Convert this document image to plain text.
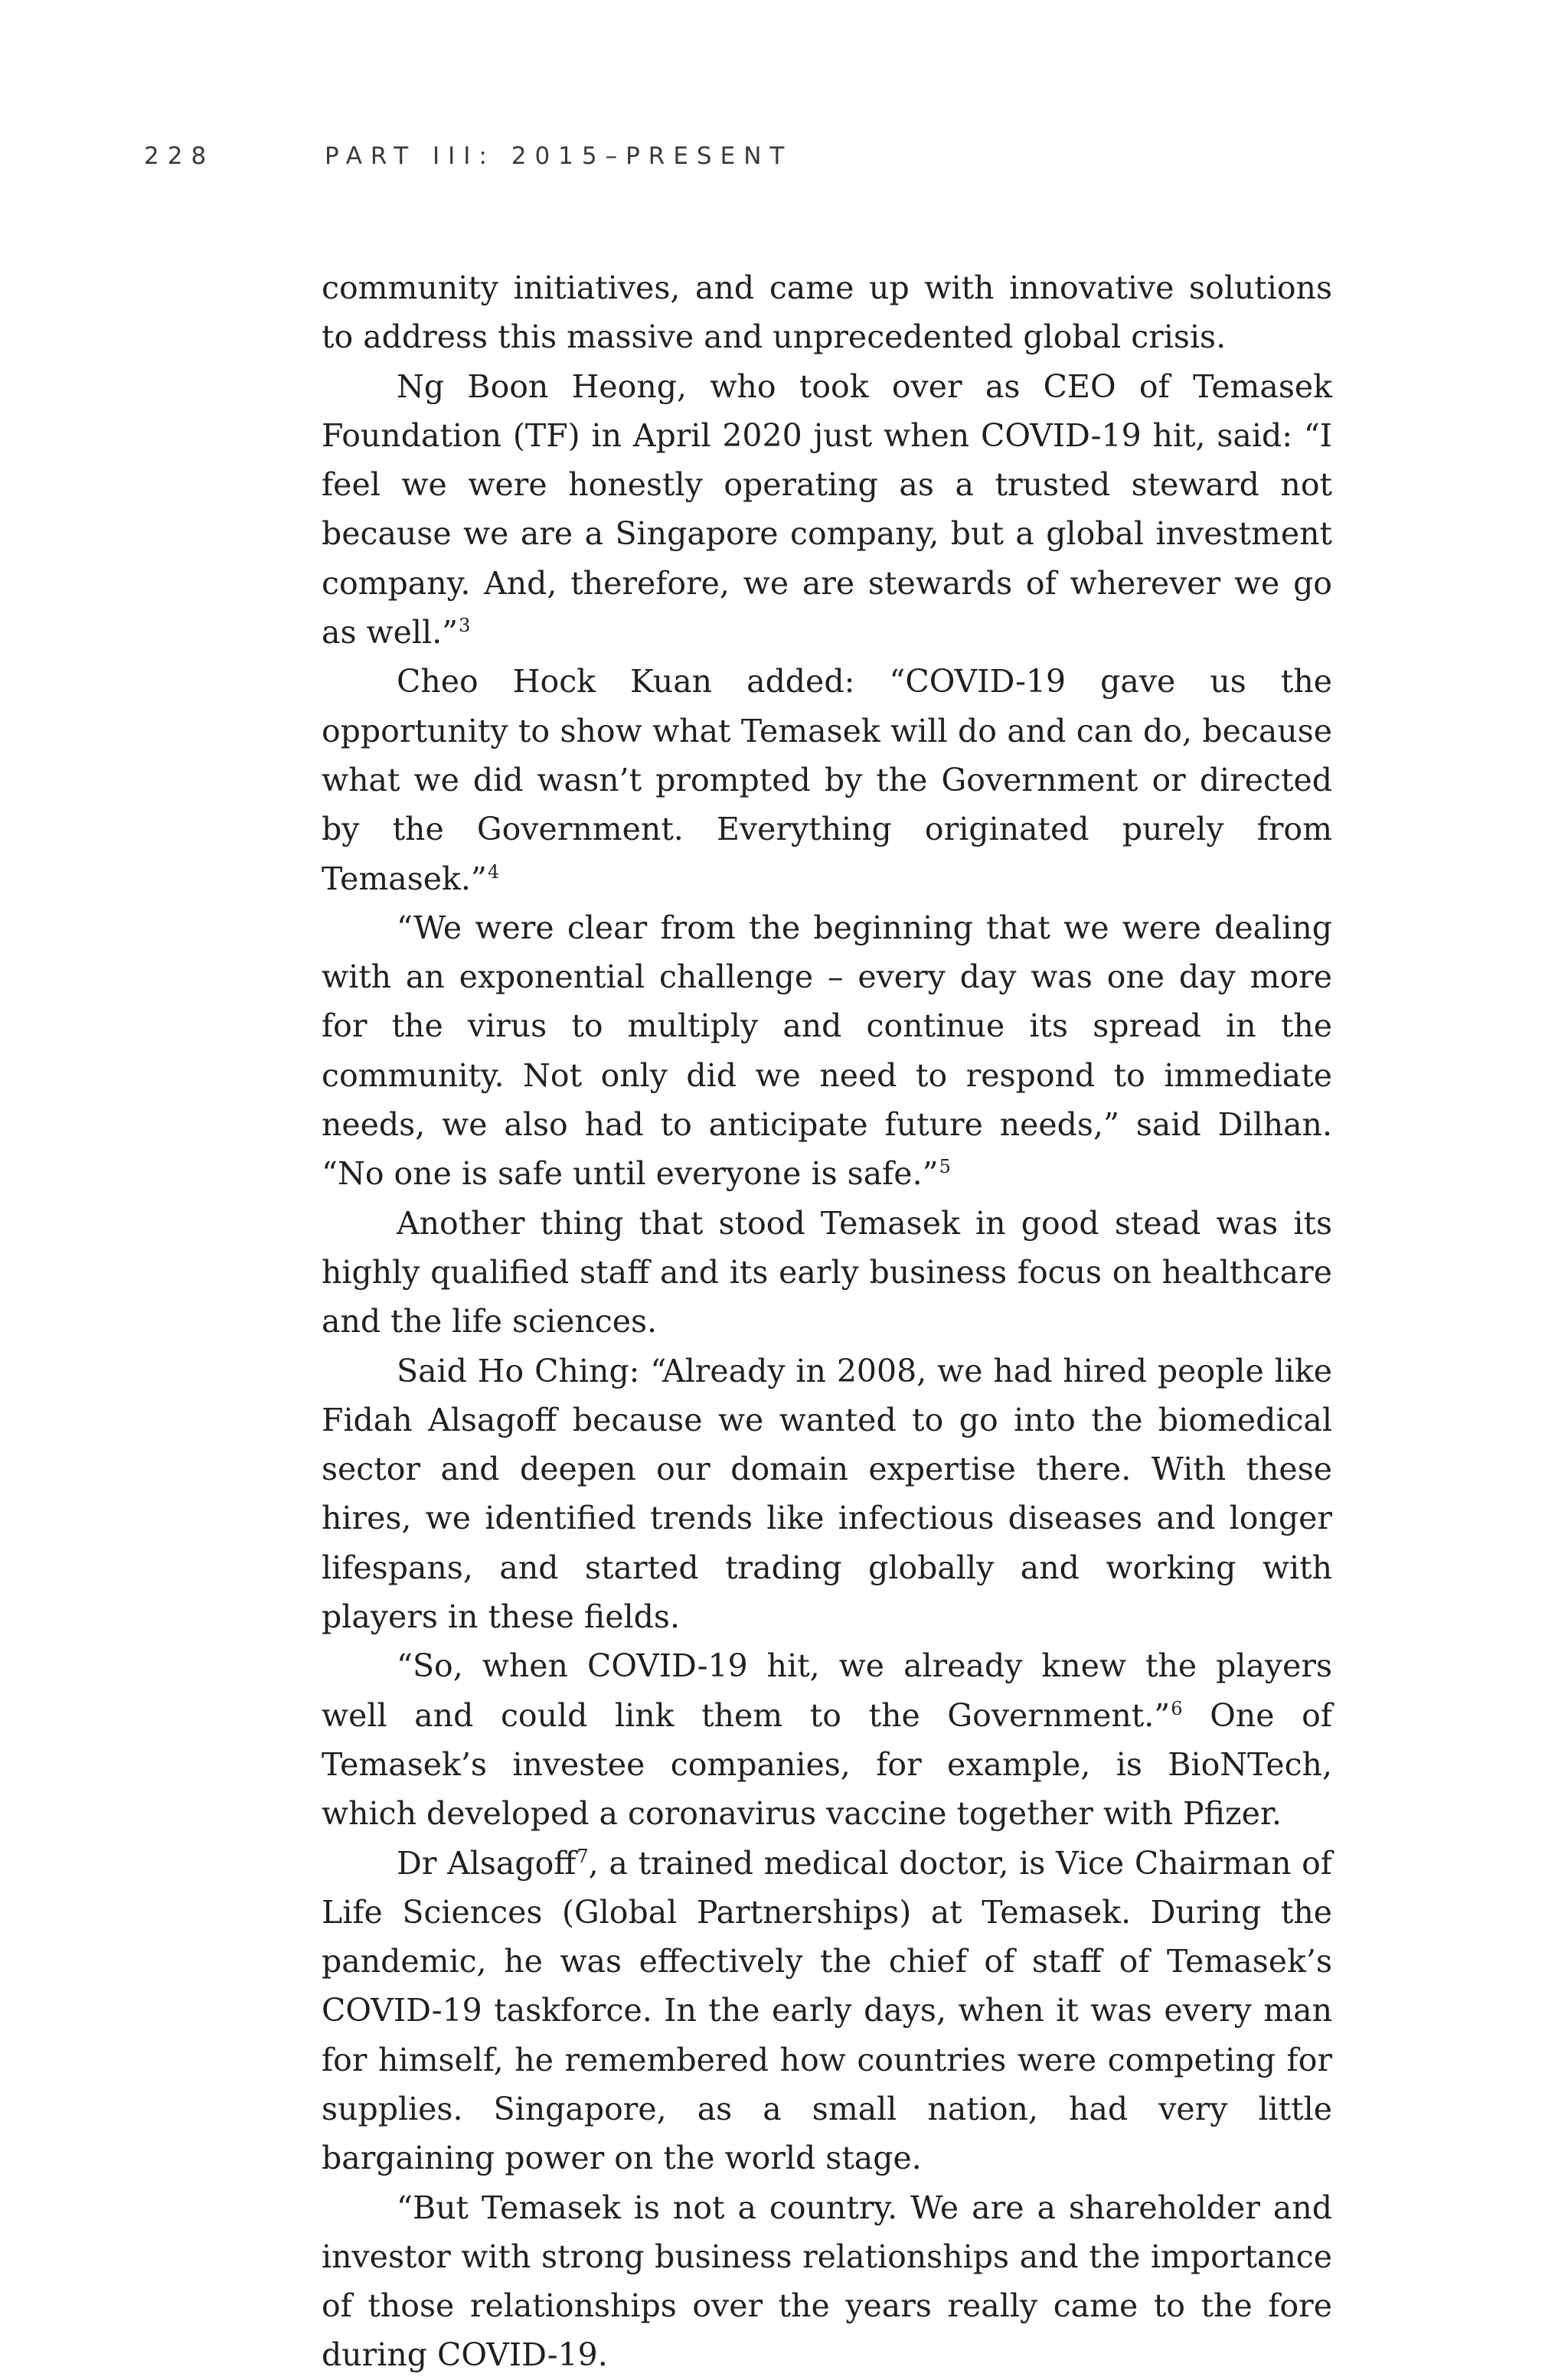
228	PART III: 2015–PRESENT

community initiatives, and came up with innovative solutions to address this massive and unprecedented global crisis.

Ng Boon Heong, who took over as CEO of Temasek Foundation (TF) in April 2020 just when COVID-19 hit, said: “I feel we were honestly operating as a trusted steward not because we are a Singapore company, but a global investment company. And, therefore, we are stewards of wherever we go as well.”$^3$

Cheo Hock Kuan added: “COVID-19 gave us the opportunity to show what Temasek will do and can do, because what we did wasn’t prompted by the Government or directed by the Government. Everything originated purely from Temasek.”$^4$

“We were clear from the beginning that we were dealing with an exponential challenge – every day was one day more for the virus to multiply and continue its spread in the community. Not only did we need to respond to immediate needs, we also had to anticipate future needs,” said Dilhan. “No one is safe until everyone is safe.”$^5$

Another thing that stood Temasek in good stead was its highly qualified staff and its early business focus on healthcare and the life sciences.

Said Ho Ching: “Already in 2008, we had hired people like Fidah Alsagoff because we wanted to go into the biomedical sector and deepen our domain expertise there. With these hires, we identified trends like infectious diseases and longer lifespans, and started trading globally and working with players in these fields.

“So, when COVID-19 hit, we already knew the players well and could link them to the Government.”$^6$ One of Temasek’s investee companies, for example, is BioNTech, which developed a coronavirus vaccine together with Pfizer.

Dr Alsagoff$^7$, a trained medical doctor, is Vice Chairman of Life Sciences (Global Partnerships) at Temasek. During the pandemic, he was effectively the chief of staff of Temasek’s COVID-19 taskforce. In the early days, when it was every man for himself, he remembered how countries were competing for supplies. Singapore, as a small nation, had very little bargaining power on the world stage.

“But Temasek is not a country. We are a shareholder and investor with strong business relationships and the importance of those relationships over the years really came to the fore during COVID-19.
